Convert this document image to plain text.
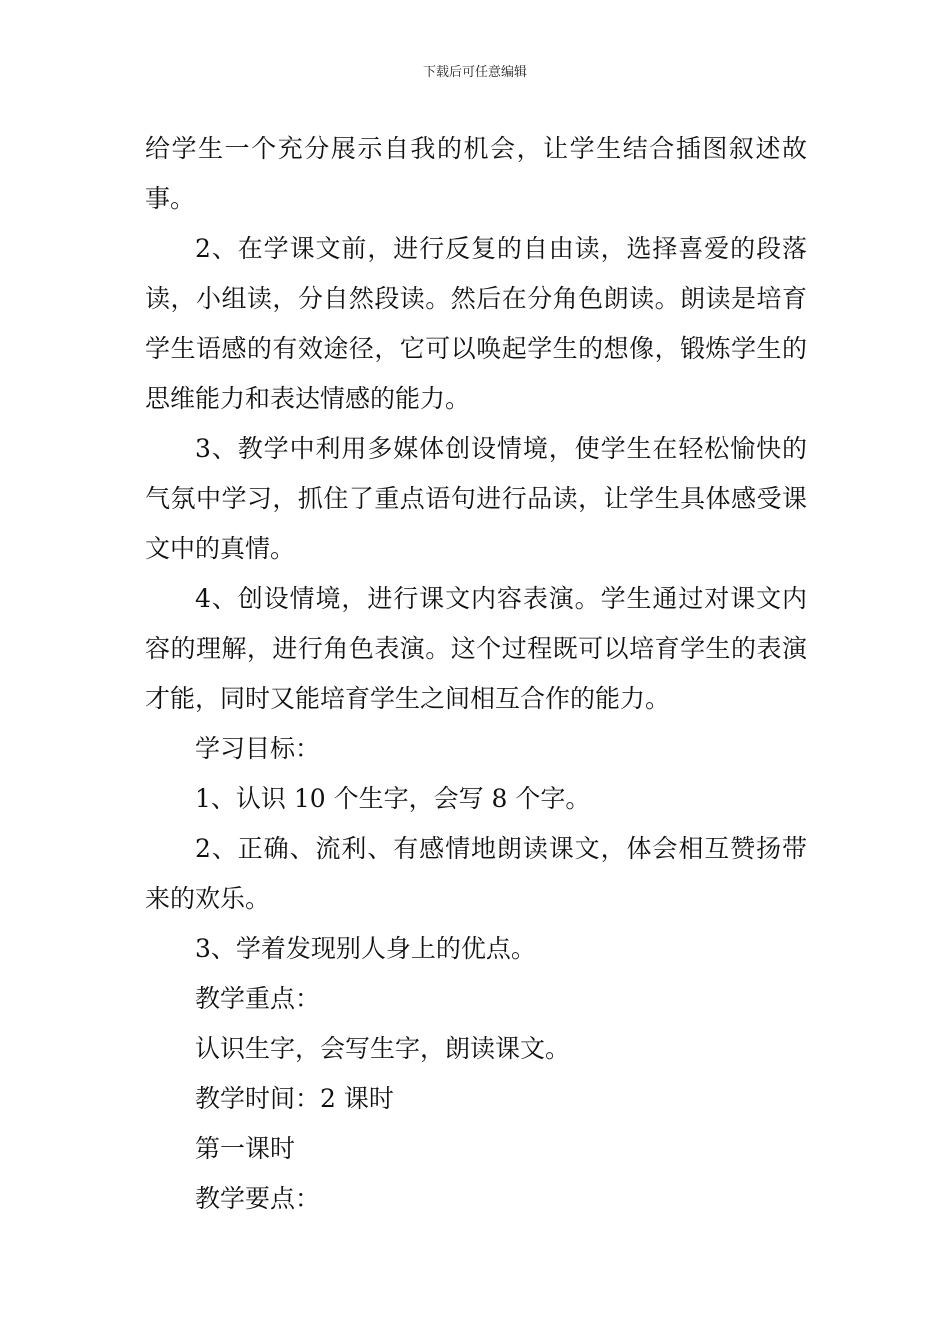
下载后可任意编辑

给学生一个充分展示自我的机会，让学生结合插图叙述故事。

2、在学课文前，进行反复的自由读，选择喜爱的段落读，小组读，分自然段读。然后在分角色朗读。朗读是培育学生语感的有效途径，它可以唤起学生的想像，锻炼学生的思维能力和表达情感的能力。

3、教学中利用多媒体创设情境，使学生在轻松愉快的气氛中学习，抓住了重点语句进行品读，让学生具体感受课文中的真情。

4、创设情境，进行课文内容表演。学生通过对课文内容的理解，进行角色表演。这个过程既可以培育学生的表演才能，同时又能培育学生之间相互合作的能力。

学习目标：

1、认识 10 个生字，会写 8 个字。

2、正确、流利、有感情地朗读课文，体会相互赞扬带来的欢乐。

3、学着发现别人身上的优点。

教学重点：

认识生字，会写生字，朗读课文。

教学时间：2 课时

第一课时

教学要点：
